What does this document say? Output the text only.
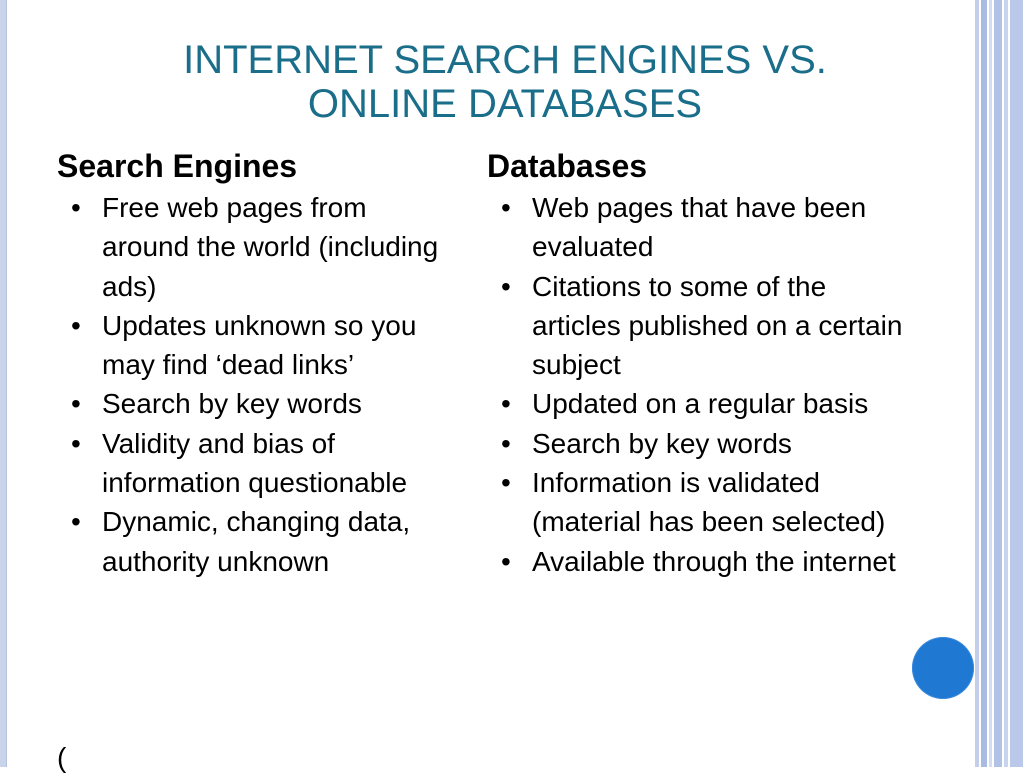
INTERNET SEARCH ENGINES VS.
ONLINE DATABASES
Search Engines
• Free web pages from around the world (including ads)
• Updates unknown so you may find ‘dead links’
• Search by key words
• Validity and bias of information questionable
• Dynamic, changing data, authority unknown
Databases
• Web pages that have been evaluated
• Citations to some of the articles published on a certain subject
• Updated on a regular basis
• Search by key words
• Information is validated (material has been selected)
• Available through the internet
(
